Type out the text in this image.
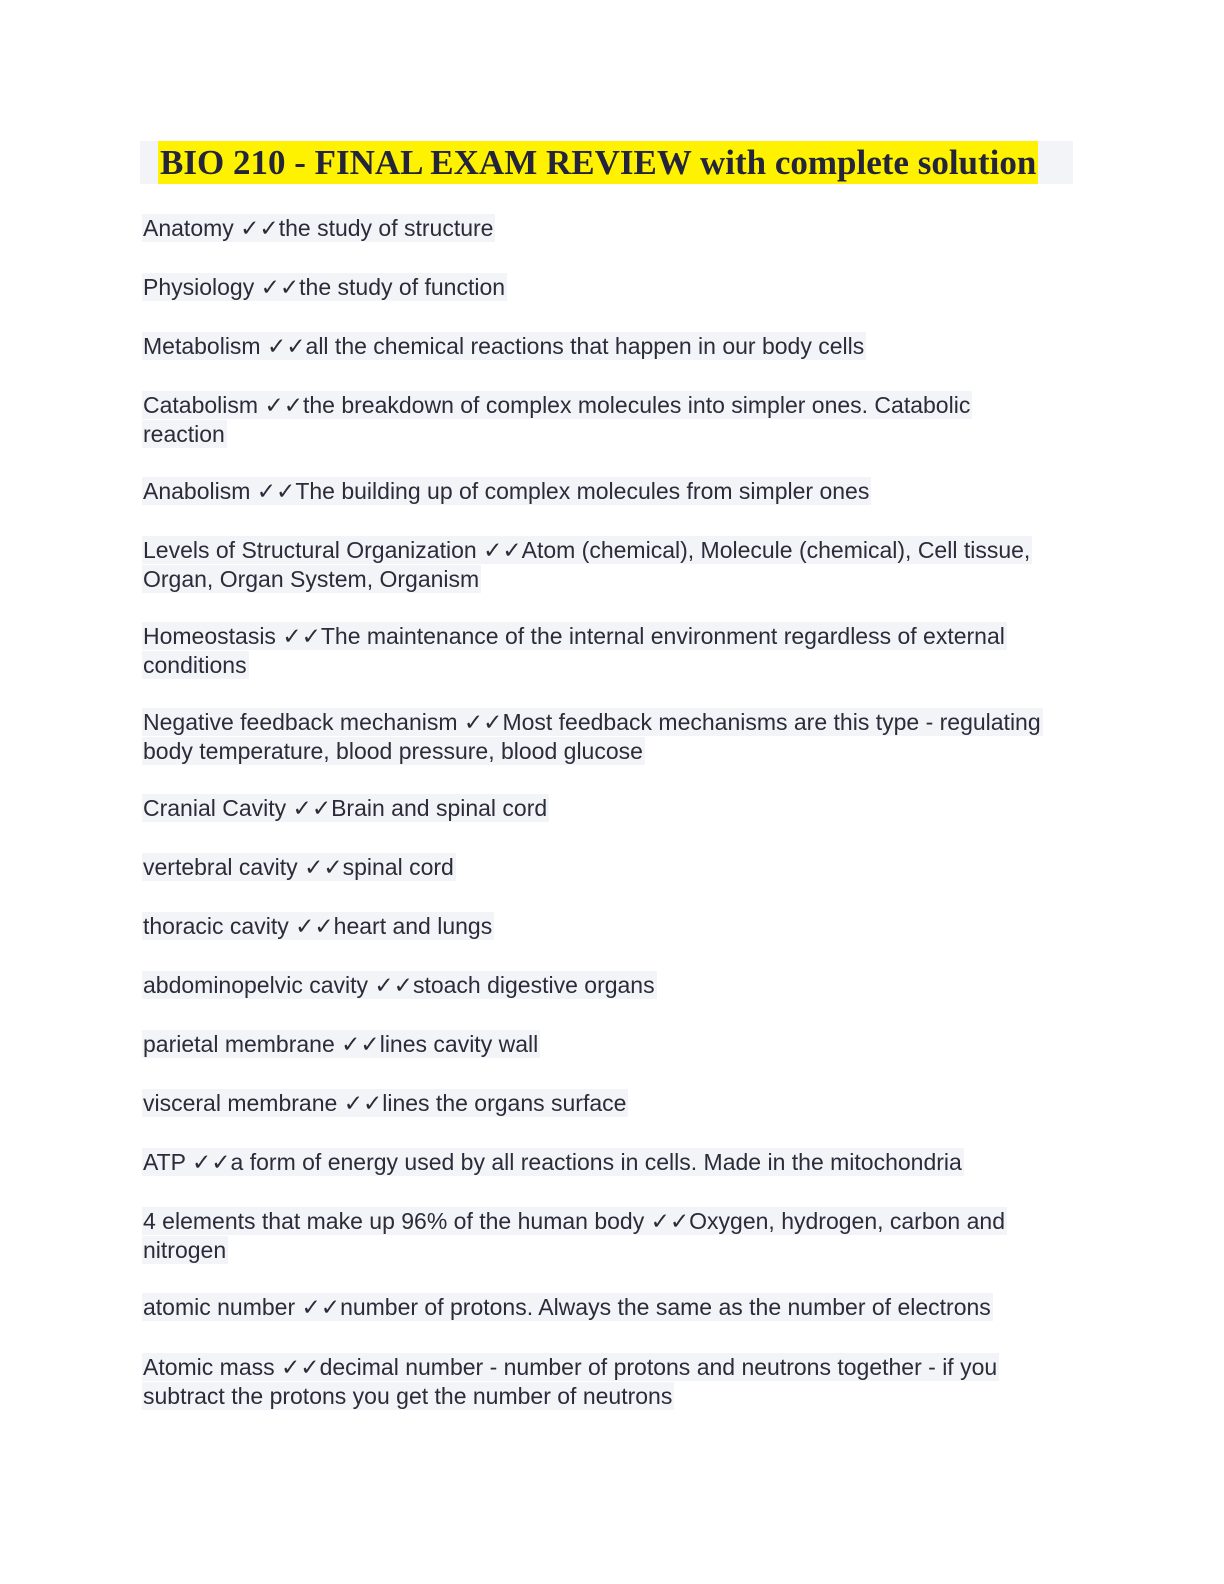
BIO 210 - FINAL EXAM REVIEW with complete solution
Anatomy ✓✓the study of structure
Physiology ✓✓the study of function
Metabolism ✓✓all the chemical reactions that happen in our body cells
Catabolism ✓✓the breakdown of complex molecules into simpler ones. Catabolic reaction
Anabolism ✓✓The building up of complex molecules from simpler ones
Levels of Structural Organization ✓✓Atom (chemical), Molecule (chemical), Cell tissue, Organ, Organ System, Organism
Homeostasis ✓✓The maintenance of the internal environment regardless of external conditions
Negative feedback mechanism ✓✓Most feedback mechanisms are this type - regulating body temperature, blood pressure, blood glucose
Cranial Cavity ✓✓Brain and spinal cord
vertebral cavity ✓✓spinal cord
thoracic cavity ✓✓heart and lungs
abdominopelvic cavity ✓✓stoach digestive organs
parietal membrane ✓✓lines cavity wall
visceral membrane ✓✓lines the organs surface
ATP ✓✓a form of energy used by all reactions in cells. Made in the mitochondria
4 elements that make up 96% of the human body ✓✓Oxygen, hydrogen, carbon and nitrogen
atomic number ✓✓number of protons. Always the same as the number of electrons
Atomic mass ✓✓decimal number - number of protons and neutrons together - if you subtract the protons you get the number of neutrons
